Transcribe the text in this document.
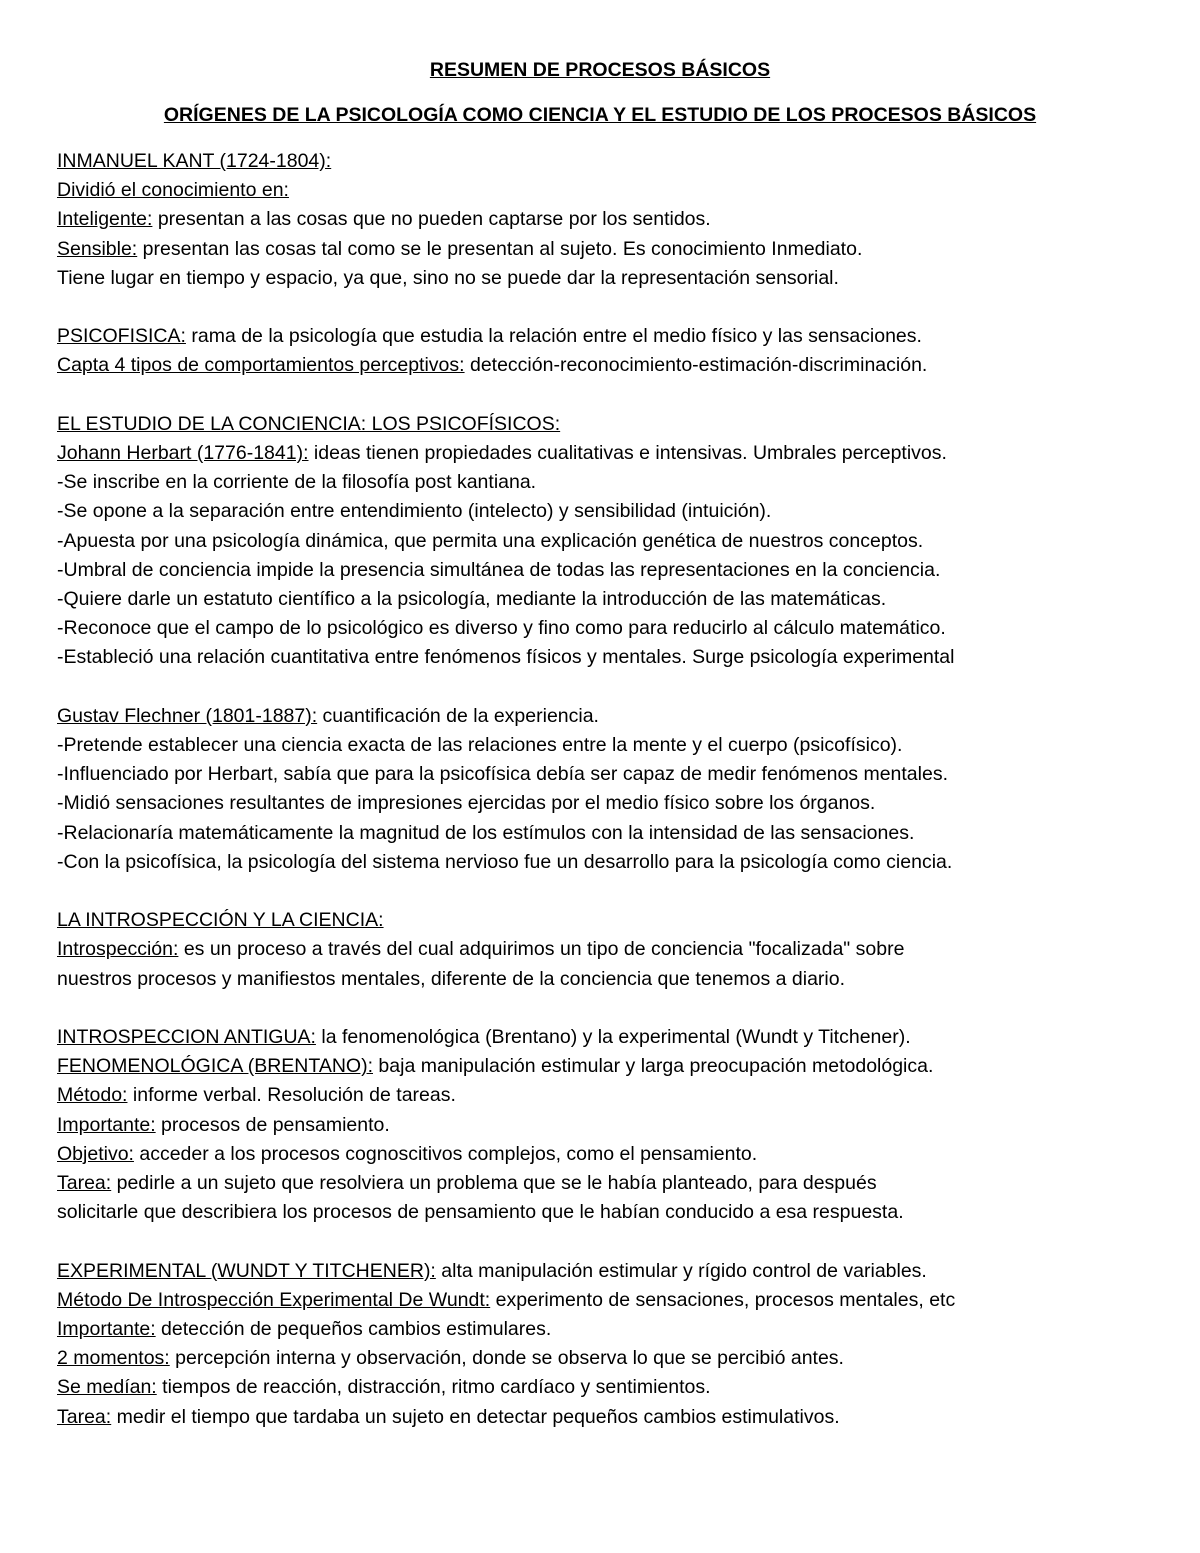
RESUMEN DE PROCESOS BÁSICOS
ORÍGENES DE LA PSICOLOGÍA COMO CIENCIA Y EL ESTUDIO DE LOS PROCESOS BÁSICOS
INMANUEL KANT (1724-1804):
Dividió el conocimiento en:
Inteligente: presentan a las cosas que no pueden captarse por los sentidos.
Sensible: presentan las cosas tal como se le presentan al sujeto. Es conocimiento Inmediato.
Tiene lugar en tiempo y espacio, ya que, sino no se puede dar la representación sensorial.
PSICOFISICA: rama de la psicología que estudia la relación entre el medio físico y las sensaciones.
Capta 4 tipos de comportamientos perceptivos: detección-reconocimiento-estimación-discriminación.
EL ESTUDIO DE LA CONCIENCIA: LOS PSICOFÍSICOS:
Johann Herbart (1776-1841): ideas tienen propiedades cualitativas e intensivas. Umbrales perceptivos.
-Se inscribe en la corriente de la filosofía post kantiana.
-Se opone a la separación entre entendimiento (intelecto) y sensibilidad (intuición).
-Apuesta por una psicología dinámica, que permita una explicación genética de nuestros conceptos.
-Umbral de conciencia impide la presencia simultánea de todas las representaciones en la conciencia.
-Quiere darle un estatuto científico a la psicología, mediante la introducción de las matemáticas.
-Reconoce que el campo de lo psicológico es diverso y fino como para reducirlo al cálculo matemático.
-Estableció una relación cuantitativa entre fenómenos físicos y mentales. Surge psicología experimental
Gustav Flechner (1801-1887): cuantificación de la experiencia.
-Pretende establecer una ciencia exacta de las relaciones entre la mente y el cuerpo (psicofísico).
-Influenciado por Herbart, sabía que para la psicofísica debía ser capaz de medir fenómenos mentales.
-Midió sensaciones resultantes de impresiones ejercidas por el medio físico sobre los órganos.
-Relacionaría matemáticamente la magnitud de los estímulos con la intensidad de las sensaciones.
-Con la psicofísica, la psicología del sistema nervioso fue un desarrollo para la psicología como ciencia.
LA INTROSPECCIÓN Y LA CIENCIA:
Introspección: es un proceso a través del cual adquirimos un tipo de conciencia "focalizada" sobre
nuestros procesos y manifiestos mentales, diferente de la conciencia que tenemos a diario.
INTROSPECCION ANTIGUA: la fenomenológica (Brentano) y la experimental (Wundt y Titchener).
FENOMENOLÓGICA (BRENTANO): baja manipulación estimular y larga preocupación metodológica.
Método: informe verbal. Resolución de tareas.
Importante: procesos de pensamiento.
Objetivo: acceder a los procesos cognoscitivos complejos, como el pensamiento.
Tarea: pedirle a un sujeto que resolviera un problema que se le había planteado, para después
solicitarle que describiera los procesos de pensamiento que le habían conducido a esa respuesta.
EXPERIMENTAL (WUNDT Y TITCHENER): alta manipulación estimular y rígido control de variables.
Método De Introspección Experimental De Wundt: experimento de sensaciones, procesos mentales, etc
Importante: detección de pequeños cambios estimulares.
2 momentos: percepción interna y observación, donde se observa lo que se percibió antes.
Se medían: tiempos de reacción, distracción, ritmo cardíaco y sentimientos.
Tarea: medir el tiempo que tardaba un sujeto en detectar pequeños cambios estimulativos.
